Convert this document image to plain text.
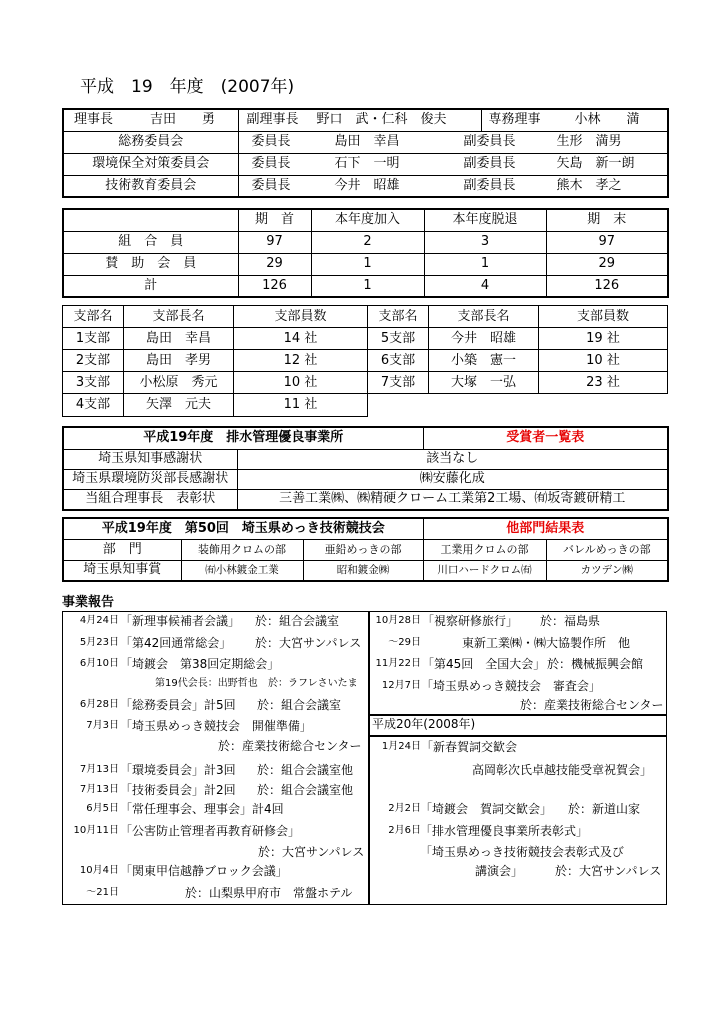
平成　19　年度　(2007年)
理事長 吉田　　勇	副理事長 野口　武・仁科　俊夫	専務理事 小林　　満
総務委員会	委員長 島田　幸昌 副委員長 生形　満男	
環境保全対策委員会	委員長 石下　一明 副委員長 矢島　新一朗	
技術教育委員会	委員長 今井　昭雄 副委員長 熊木　孝之	
	期　首	本年度加入	本年度脱退	期　末
組　合　員	97	2	3	97
賛　助　会　員	29	1	1	29
計	126	1	4	126
支部名	支部長名	支部員数	支部名	支部長名	支部員数
1支部	島田　幸昌	14 社	5支部	今井　昭雄	19 社
2支部	島田　孝男	12 社	6支部	小築　憲一	10 社
3支部	小松原　秀元	10 社	7支部	大塚　一弘	23 社
4支部	矢澤　元夫	11 社			
平成19年度　排水管理優良事業所		受賞者一覧表
埼玉県知事感謝状	該当なし	
埼玉県環境防災部長感謝状	㈱安藤化成	
当組合理事長　表彰状	三善工業㈱、㈱精硬クローム工業第2工場、㈲坂寄鍍研精工	
平成19年度　第50回　埼玉県めっき技術競技会			他部門結果表	
部　門	装飾用クロムの部	亜鉛めっきの部	工業用クロムの部	バレルめっきの部
埼玉県知事賞	㈲小林鍍金工業	昭和鍍金㈱	川口ハードクロム㈲	カツデン㈱
事業報告
4月24日 「新理事候補者会議」 於：組合会議室
5月23日 「第42回通常総会」 於：大宮サンパレス
6月10日 「埼鍍会　第38回定期総会」
第19代会長：出野哲也 於：ラフレさいたま
6月28日 「総務委員会」計5回 於：組合会議室
7月3日 「埼玉県めっき競技会　開催準備」
於：産業技術総合センター
7月13日 「環境委員会」計3回 於：組合会議室他
7月13日 「技術委員会」計2回 於：組合会議室他
6月5日 「常任理事会、理事会」計4回
10月11日 「公害防止管理者再教育研修会」
於：大宮サンパレス
10月4日 「関東甲信越静ブロック会議」
～21日	於：山梨県甲府市　常盤ホテル
10月28日 「視察研修旅行」 於：福島県
～29日	東新工業㈱・㈱大協製作所　他
11月22日 「第45回　全国大会」 於：機械振興会館
12月7日 「埼玉県めっき競技会　審査会」
於：産業技術総合センター
平成20年(2008年)
1月24日 「新春賀詞交歓会
高岡彰次氏卓越技能受章祝賀会」
2月2日 「埼鍍会　賀詞交歓会」 於：新道山家
2月6日 「排水管理優良事業所表彰式」
「埼玉県めっき技術競技会表彰式及び
講演会」	於：大宮サンパレス
